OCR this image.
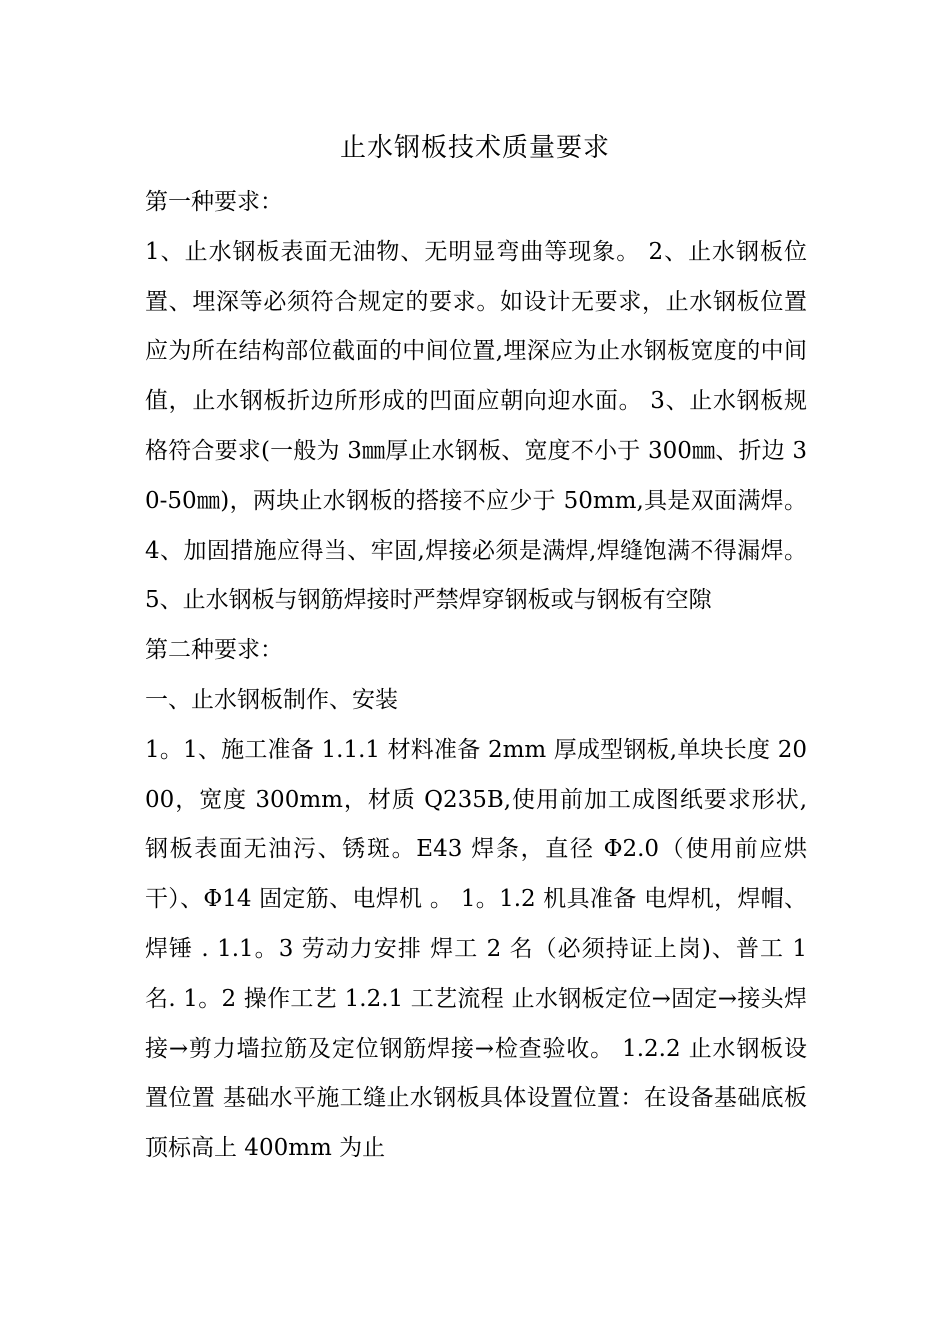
止水钢板技术质量要求

第一种要求：

1、止水钢板表面无油物、无明显弯曲等现象。 2、止水钢板位置、埋深等必须符合规定的要求。如设计无要求，止水钢板位置应为所在结构部位截面的中间位置,埋深应为止水钢板宽度的中间值，止水钢板折边所形成的凹面应朝向迎水面。 3、止水钢板规格符合要求(一般为 3㎜厚止水钢板、宽度不小于 300㎜、折边 30-50㎜)，两块止水钢板的搭接不应少于 50mm,具是双面满焊。 4、加固措施应得当、牢固,焊接必须是满焊,焊缝饱满不得漏焊。 5、止水钢板与钢筋焊接时严禁焊穿钢板或与钢板有空隙

第二种要求：

一、止水钢板制作、安装

1。1、施工准备 1.1.1 材料准备 2mm 厚成型钢板,单块长度 2000，宽度 300mm，材质 Q235B,使用前加工成图纸要求形状,钢板表面无油污、锈斑。E43 焊条，直径 Φ2.0（使用前应烘干）、Φ14 固定筋、电焊机 。 1。1.2 机具准备 电焊机，焊帽、焊锤 . 1.1。3 劳动力安排 焊工 2 名（必须持证上岗)、普工 1 名. 1。2 操作工艺 1.2.1 工艺流程 止水钢板定位→固定→接头焊接→剪力墙拉筋及定位钢筋焊接→检查验收。 1.2.2 止水钢板设置位置 基础水平施工缝止水钢板具体设置位置：在设备基础底板顶标高上 400mm 为止
